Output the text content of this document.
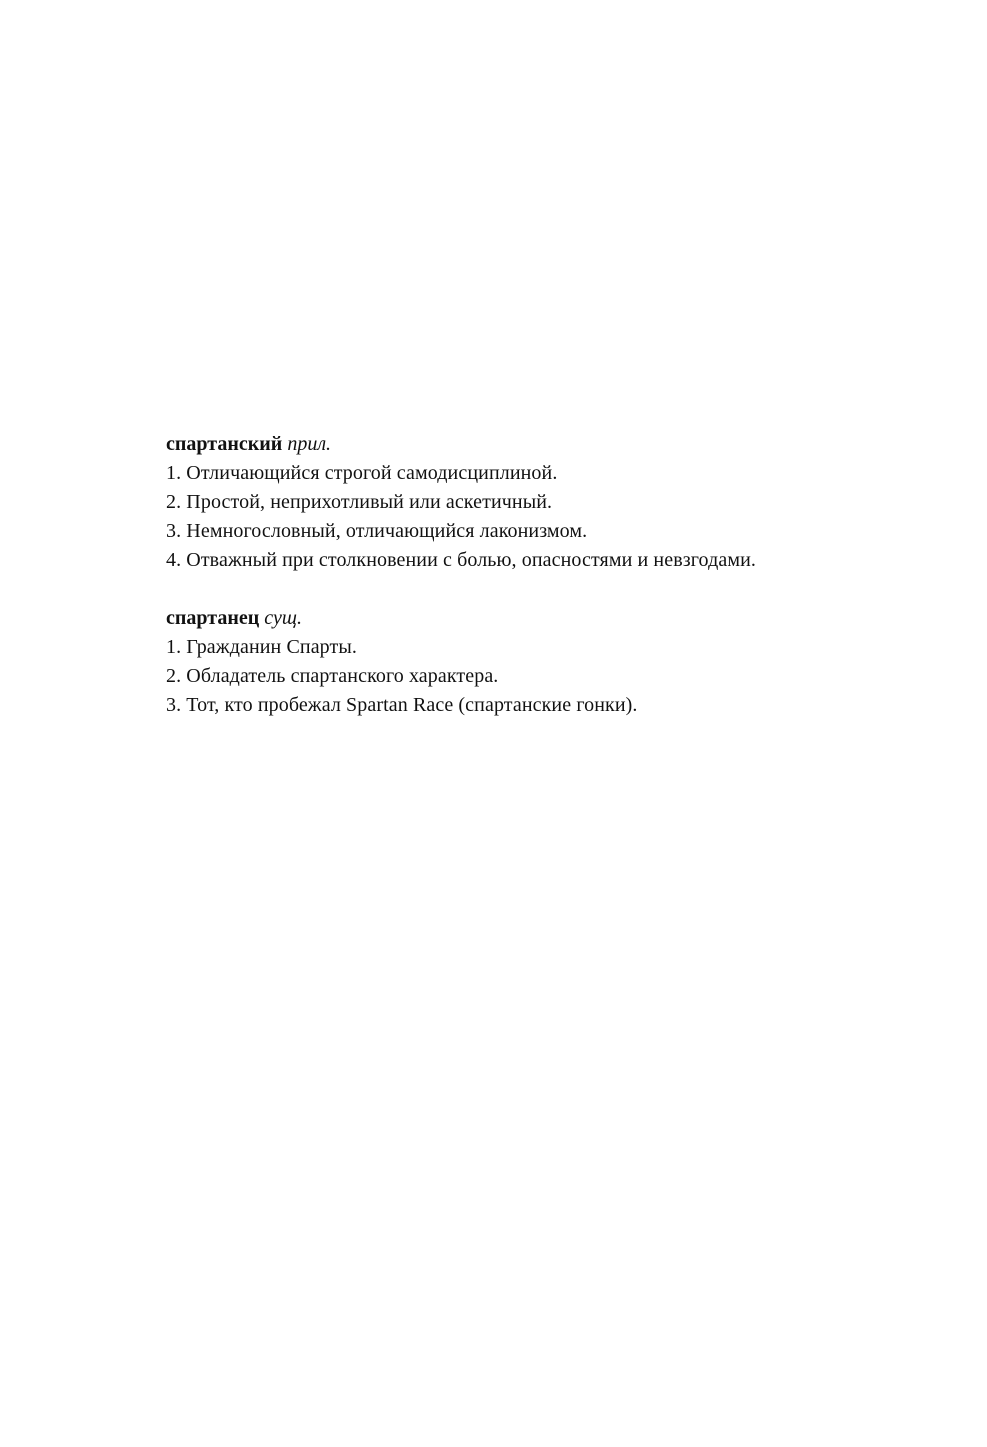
спартанский прил.
1. Отличающийся строгой самодисциплиной.
2. Простой, неприхотливый или аскетичный.
3. Немногословный, отличающийся лаконизмом.
4. Отважный при столкновении с болью, опасностями и невзгодами.
спартанец сущ.
1. Гражданин Спарты.
2. Обладатель спартанского характера.
3. Тот, кто пробежал Spartan Race (спартанские гонки).
